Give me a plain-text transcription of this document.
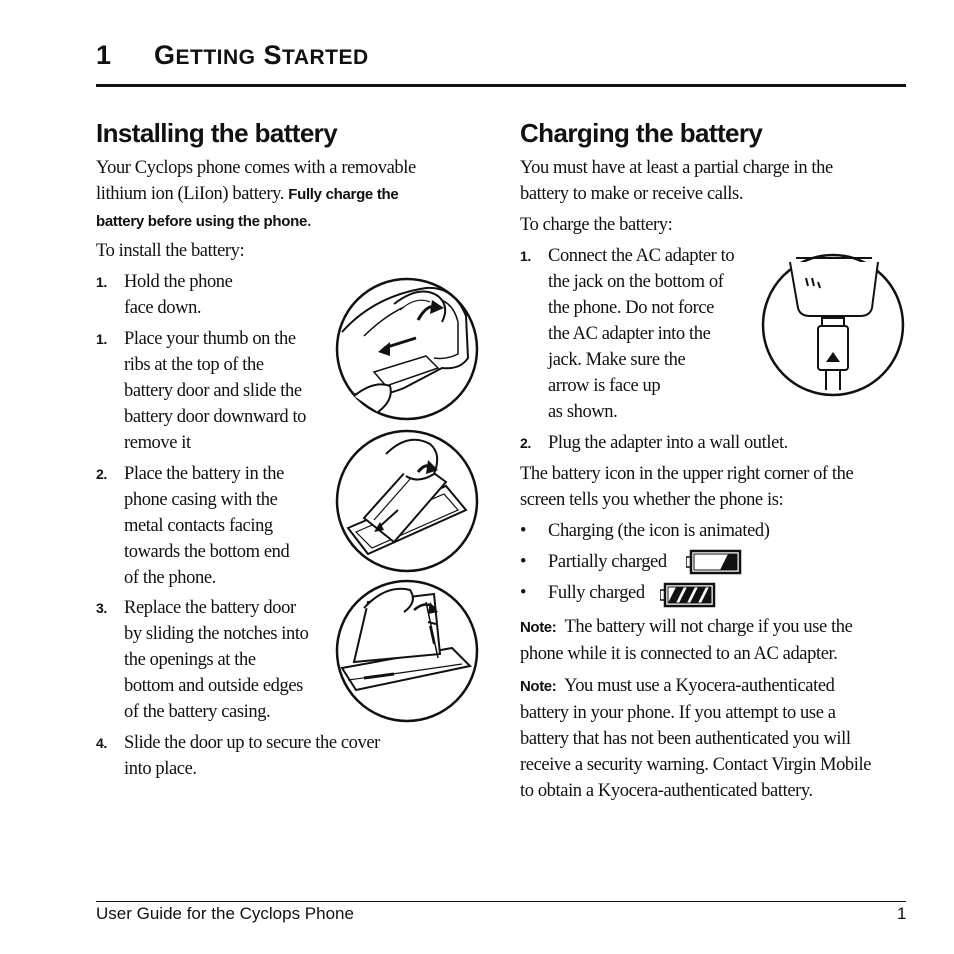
1 GETTING STARTED
Installing the battery
Your Cyclops phone comes with a removable
lithium ion (LiIon) battery. Fully charge the
battery before using the phone.
To install the battery:
1. Hold the phone
face down.
1. Place your thumb on the
ribs at the top of the
battery door and slide the
battery door downward to
remove it
2. Place the battery in the
phone casing with the
metal contacts facing
towards the bottom end
of the phone.
3. Replace the battery door
by sliding the notches into
the openings at the
bottom and outside edges
of the battery casing.
4. Slide the door up to secure the cover
into place.
Charging the battery
You must have at least a partial charge in the
battery to make or receive calls.
To charge the battery:
1. Connect the AC adapter to
the jack on the bottom of
the phone. Do not force
the AC adapter into the
jack. Make sure the
arrow is face up
as shown.
2. Plug the adapter into a wall outlet.
The battery icon in the upper right corner of the
screen tells you whether the phone is:
• Charging (the icon is animated)
• Partially charged
• Fully charged
Note: The battery will not charge if you use the
phone while it is connected to an AC adapter.
Note: You must use a Kyocera-authenticated
battery in your phone. If you attempt to use a
battery that has not been authenticated you will
receive a security warning. Contact Virgin Mobile
to obtain a Kyocera-authenticated battery.
User Guide for the Cyclops Phone	1
